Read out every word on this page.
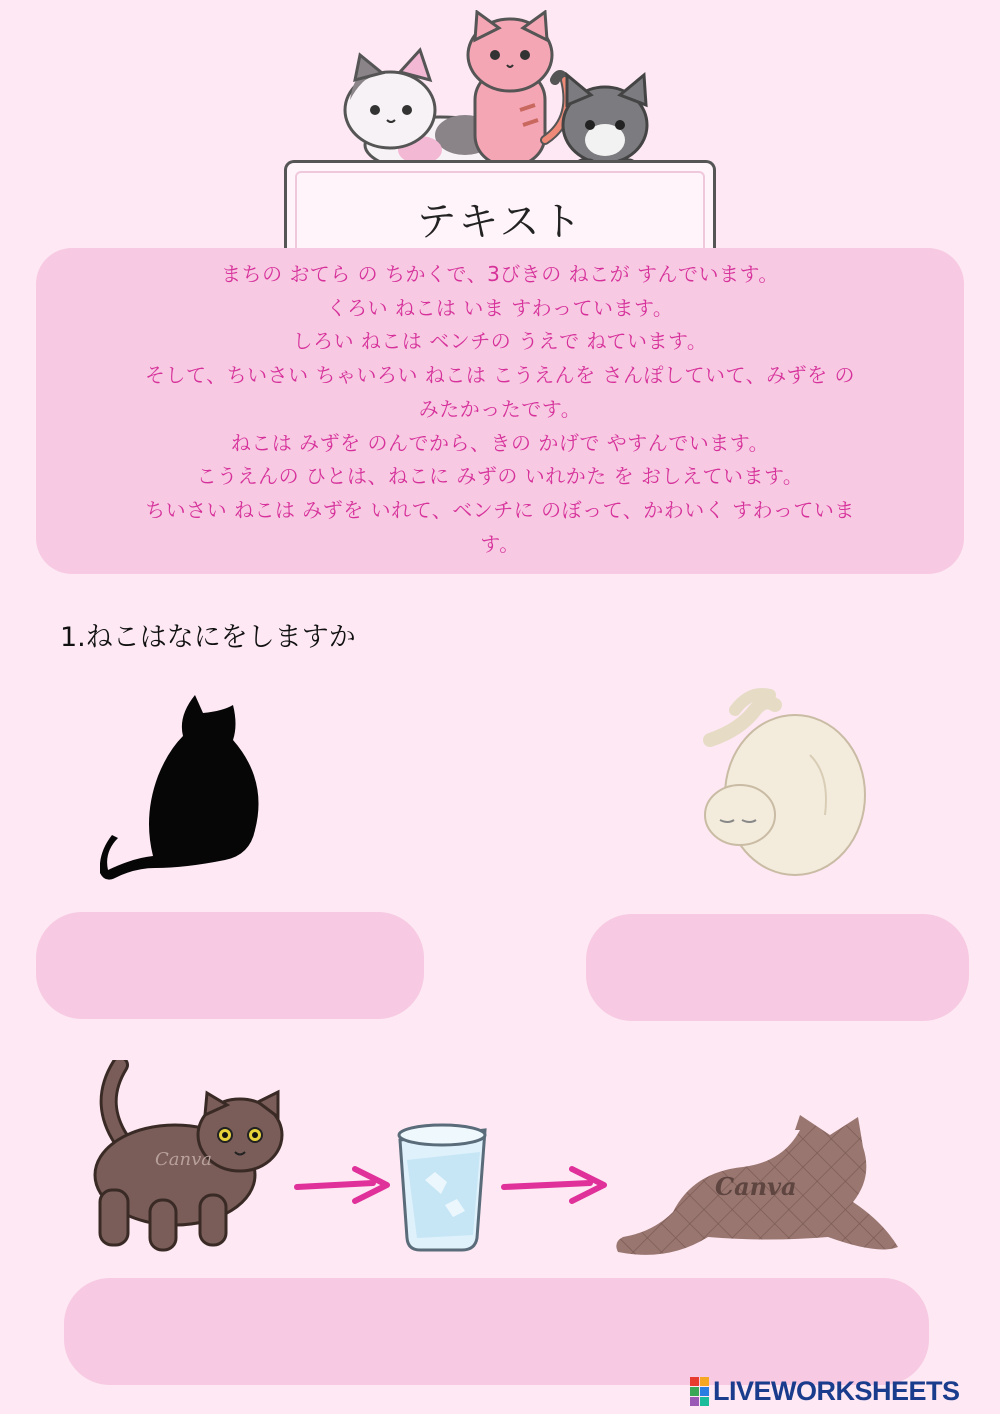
テキスト
まちの おてら の ちかくで、3びきの ねこが すんでいます。
くろい ねこは いま すわっています。
しろい ねこは ベンチの うえで ねています。
そして、ちいさい ちゃいろい ねこは こうえんを さんぽしていて、みずを の
みたかったです。
ねこは みずを のんでから、きの かげで やすんでいます。
こうえんの ひとは、ねこに みずの いれかた を おしえています。
ちいさい ねこは みずを いれて、ベンチに のぼって、かわいく すわっていま
す。
1.ねこはなにをしますか
Canva
Canva
LIVEWORKSHEETS
